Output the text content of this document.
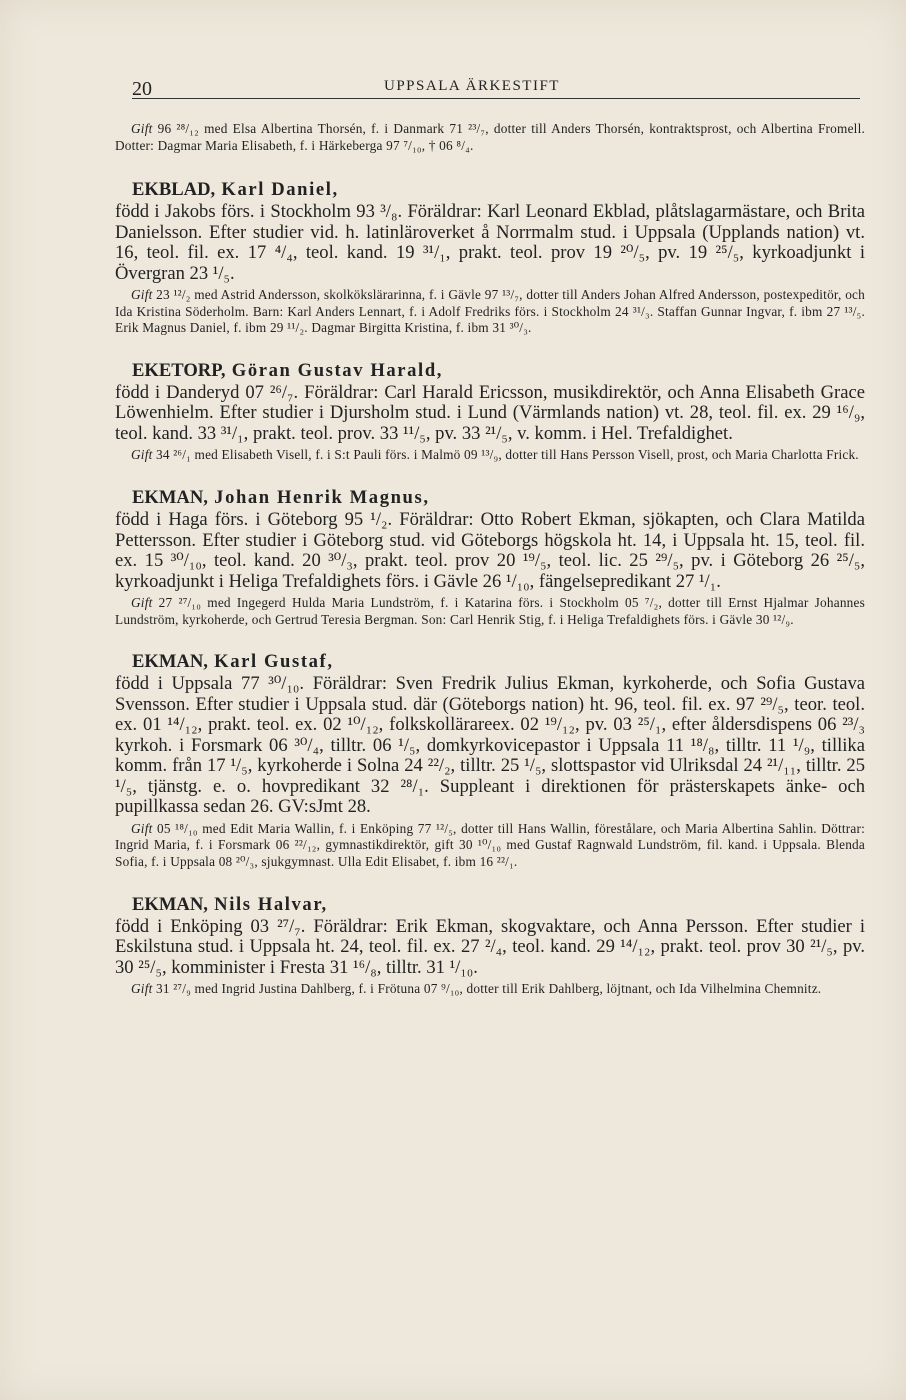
20	UPPSALA ÄRKESTIFT

Gift 96 ²⁸/₁₂ med Elsa Albertina Thorsén, f. i Danmark 71 ²³/₇, dotter till Anders Thorsén, kontraktsprost, och Albertina Fromell. Dotter: Dagmar Maria Elisabeth, f. i Härkeberga 97 ⁷/₁₀, † 06 ⁸/₄.

EKBLAD, Karl Daniel,

född i Jakobs förs. i Stockholm 93 ³/₈. Föräldrar: Karl Leonard Ekblad, plåtslagarmästare, och Brita Danielsson. Efter studier vid. h. latinläroverket å Norrmalm stud. i Uppsala (Upplands nation) vt. 16, teol. fil. ex. 17 ⁴/₄, teol. kand. 19 ³¹/₁, prakt. teol. prov 19 ²⁰/₅, pv. 19 ²⁵/₅, kyrkoadjunkt i Övergran 23 ¹/₅.

Gift 23 ¹²/₂ med Astrid Andersson, skolkökslärarinna, f. i Gävle 97 ¹³/₇, dotter till Anders Johan Alfred Andersson, postexpeditör, och Ida Kristina Söderholm. Barn: Karl Anders Lennart, f. i Adolf Fredriks förs. i Stockholm 24 ³¹/₃. Staffan Gunnar Ingvar, f. ibm 27 ¹³/₅. Erik Magnus Daniel, f. ibm 29 ¹¹/₂. Dagmar Birgitta Kristina, f. ibm 31 ³⁰/₃.

EKETORP, Göran Gustav Harald,

född i Danderyd 07 ²⁶/₇. Föräldrar: Carl Harald Ericsson, musikdirektör, och Anna Elisabeth Grace Löwenhielm. Efter studier i Djursholm stud. i Lund (Värmlands nation) vt. 28, teol. fil. ex. 29 ¹⁶/₉, teol. kand. 33 ³¹/₁, prakt. teol. prov. 33 ¹¹/₅, pv. 33 ²¹/₅, v. komm. i Hel. Trefaldighet.

Gift 34 ²⁶/₁ med Elisabeth Visell, f. i S:t Pauli förs. i Malmö 09 ¹³/₉, dotter till Hans Persson Visell, prost, och Maria Charlotta Frick.

EKMAN, Johan Henrik Magnus,

född i Haga förs. i Göteborg 95 ¹/₂. Föräldrar: Otto Robert Ekman, sjökapten, och Clara Matilda Pettersson. Efter studier i Göteborg stud. vid Göteborgs högskola ht. 14, i Uppsala ht. 15, teol. fil. ex. 15 ³⁰/₁₀, teol. kand. 20 ³⁰/₃, prakt. teol. prov 20 ¹⁹/₅, teol. lic. 25 ²⁹/₅, pv. i Göteborg 26 ²⁵/₅, kyrkoadjunkt i Heliga Trefaldighets förs. i Gävle 26 ¹/₁₀, fängelsepredikant 27 ¹/₁.

Gift 27 ²⁷/₁₀ med Ingegerd Hulda Maria Lundström, f. i Katarina förs. i Stockholm 05 ⁷/₂, dotter till Ernst Hjalmar Johannes Lundström, kyrkoherde, och Gertrud Teresia Bergman. Son: Carl Henrik Stig, f. i Heliga Trefaldighets förs. i Gävle 30 ¹²/₉.

EKMAN, Karl Gustaf,

född i Uppsala 77 ³⁰/₁₀. Föräldrar: Sven Fredrik Julius Ekman, kyrkoherde, och Sofia Gustava Svensson. Efter studier i Uppsala stud. där (Göteborgs nation) ht. 96, teol. fil. ex. 97 ²⁹/₅, teor. teol. ex. 01 ¹⁴/₁₂, prakt. teol. ex. 02 ¹⁰/₁₂, folkskollärareex. 02 ¹⁹/₁₂, pv. 03 ²⁵/₁, efter åldersdispens 06 ²³/₃ kyrkoh. i Forsmark 06 ³⁰/₄, tilltr. 06 ¹/₅, domkyrkovicepastor i Uppsala 11 ¹⁸/₈, tilltr. 11 ¹/₉, tillika komm. från 17 ¹/₅, kyrkoherde i Solna 24 ²²/₂, tilltr. 25 ¹/₅, slottspastor vid Ulriksdal 24 ²¹/₁₁, tilltr. 25 ¹/₅, tjänstg. e. o. hovpredikant 32 ²⁸/₁. Suppleant i direktionen för prästerskapets änke- och pupillkassa sedan 26. GV:sJmt 28.

Gift 05 ¹⁸/₁₀ med Edit Maria Wallin, f. i Enköping 77 ¹²/₅, dotter till Hans Wallin, förestålare, och Maria Albertina Sahlin. Döttrar: Ingrid Maria, f. i Forsmark 06 ²²/₁₂, gymnastikdirektör, gift 30 ¹⁰/₁₀ med Gustaf Ragnwald Lundström, fil. kand. i Uppsala. Blenda Sofia, f. i Uppsala 08 ²⁰/₃, sjukgymnast. Ulla Edit Elisabet, f. ibm 16 ²²/₁.

EKMAN, Nils Halvar,

född i Enköping 03 ²⁷/₇. Föräldrar: Erik Ekman, skogvaktare, och Anna Persson. Efter studier i Eskilstuna stud. i Uppsala ht. 24, teol. fil. ex. 27 ²/₄, teol. kand. 29 ¹⁴/₁₂, prakt. teol. prov 30 ²¹/₅, pv. 30 ²⁵/₅, komminister i Fresta 31 ¹⁶/₈, tilltr. 31 ¹/₁₀.

Gift 31 ²⁷/₉ med Ingrid Justina Dahlberg, f. i Frötuna 07 ⁹/₁₀, dotter till Erik Dahlberg, löjtnant, och Ida Vilhelmina Chemnitz.
